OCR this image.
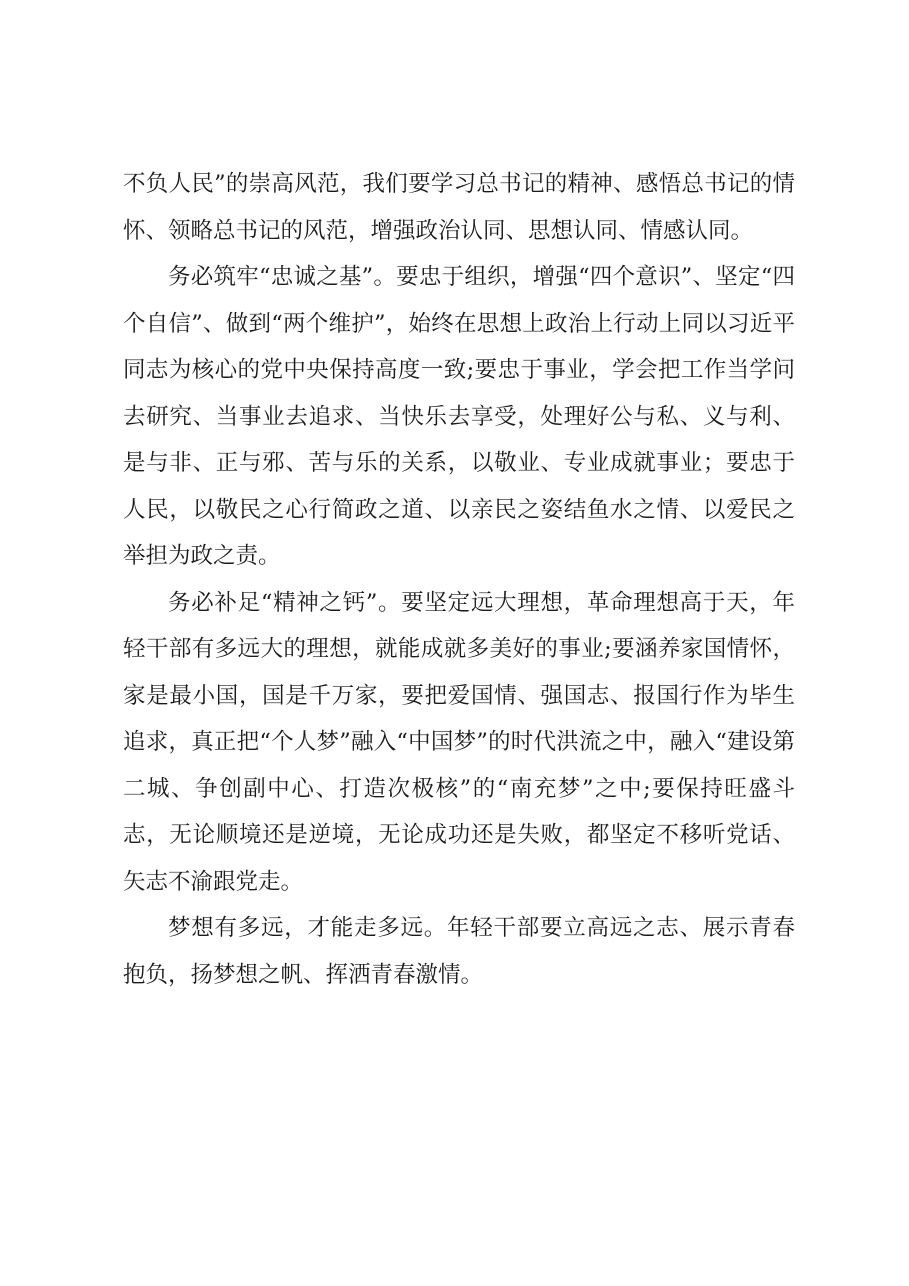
不负人民”的崇高风范，我们要学习总书记的精神、感悟总书记的情怀、领略总书记的风范，增强政治认同、思想认同、情感认同。

务必筑牢“忠诚之基”。要忠于组织，增强“四个意识”、坚定“四个自信”、做到“两个维护”，始终在思想上政治上行动上同以习近平同志为核心的党中央保持高度一致;要忠于事业，学会把工作当学问去研究、当事业去追求、当快乐去享受，处理好公与私、义与利、是与非、正与邪、苦与乐的关系，以敬业、专业成就事业；要忠于人民，以敬民之心行简政之道、以亲民之姿结鱼水之情、以爱民之举担为政之责。

务必补足“精神之钙”。要坚定远大理想，革命理想高于天，年轻干部有多远大的理想，就能成就多美好的事业;要涵养家国情怀，家是最小国，国是千万家，要把爱国情、强国志、报国行作为毕生追求，真正把“个人梦”融入“中国梦”的时代洪流之中，融入“建设第二城、争创副中心、打造次极核”的“南充梦”之中;要保持旺盛斗志，无论顺境还是逆境，无论成功还是失败，都坚定不移听党话、矢志不渝跟党走。

梦想有多远，才能走多远。年轻干部要立高远之志、展示青春抱负，扬梦想之帆、挥洒青春激情。
